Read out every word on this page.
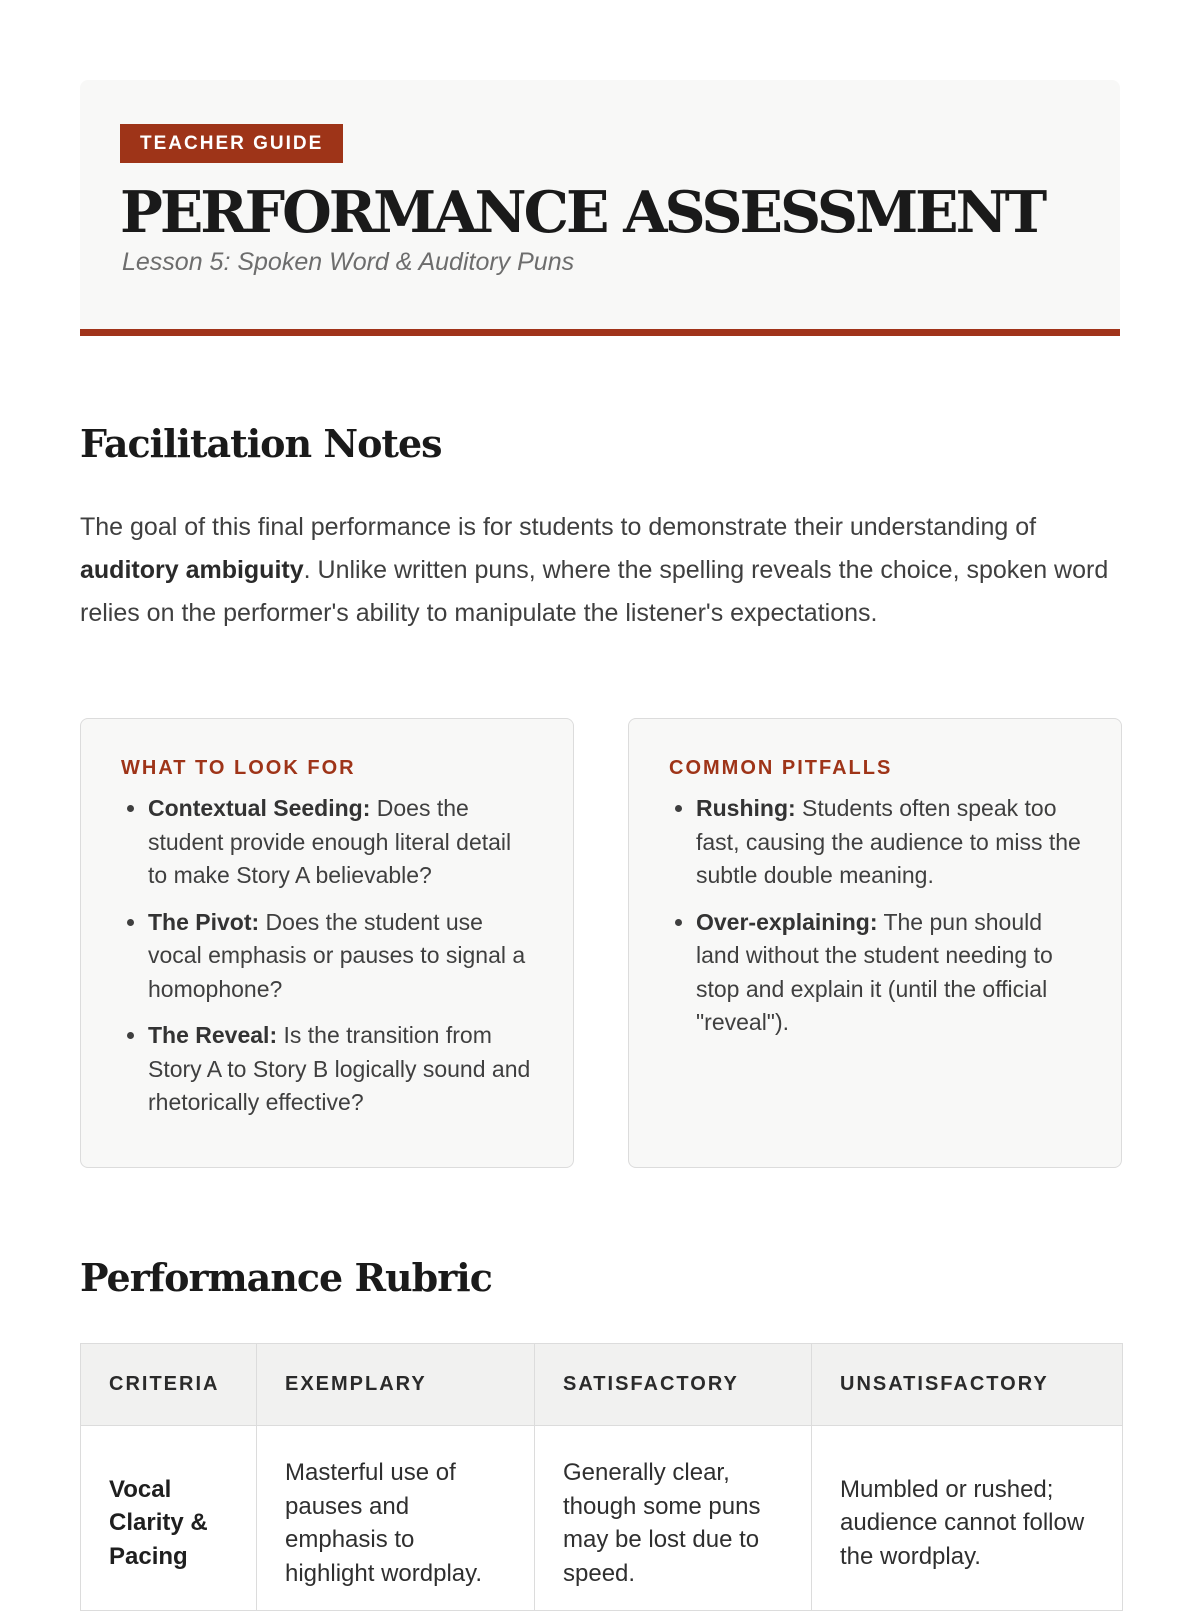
TEACHER GUIDE
PERFORMANCE ASSESSMENT
Lesson 5: Spoken Word & Auditory Puns
Facilitation Notes

The goal of this final performance is for students to demonstrate their understanding of auditory ambiguity. Unlike written puns, where the spelling reveals the choice, spoken word relies on the performer's ability to manipulate the listener's expectations.

WHAT TO LOOK FOR
• Contextual Seeding: Does the student provide enough literal detail to make Story A believable?
• The Pivot: Does the student use vocal emphasis or pauses to signal a homophone?
• The Reveal: Is the transition from Story A to Story B logically sound and rhetorically effective?
COMMON PITFALLS
• Rushing: Students often speak too fast, causing the audience to miss the subtle double meaning.
• Over-explaining: The pun should land without the student needing to stop and explain it (until the official "reveal").
Performance Rubric
CRITERIA	EXEMPLARY	SATISFACTORY	UNSATISFACTORY
Vocal Clarity & Pacing	Masterful use of pauses and emphasis to highlight wordplay.	Generally clear, though some puns may be lost due to speed.	Mumbled or rushed; audience cannot follow the wordplay.
